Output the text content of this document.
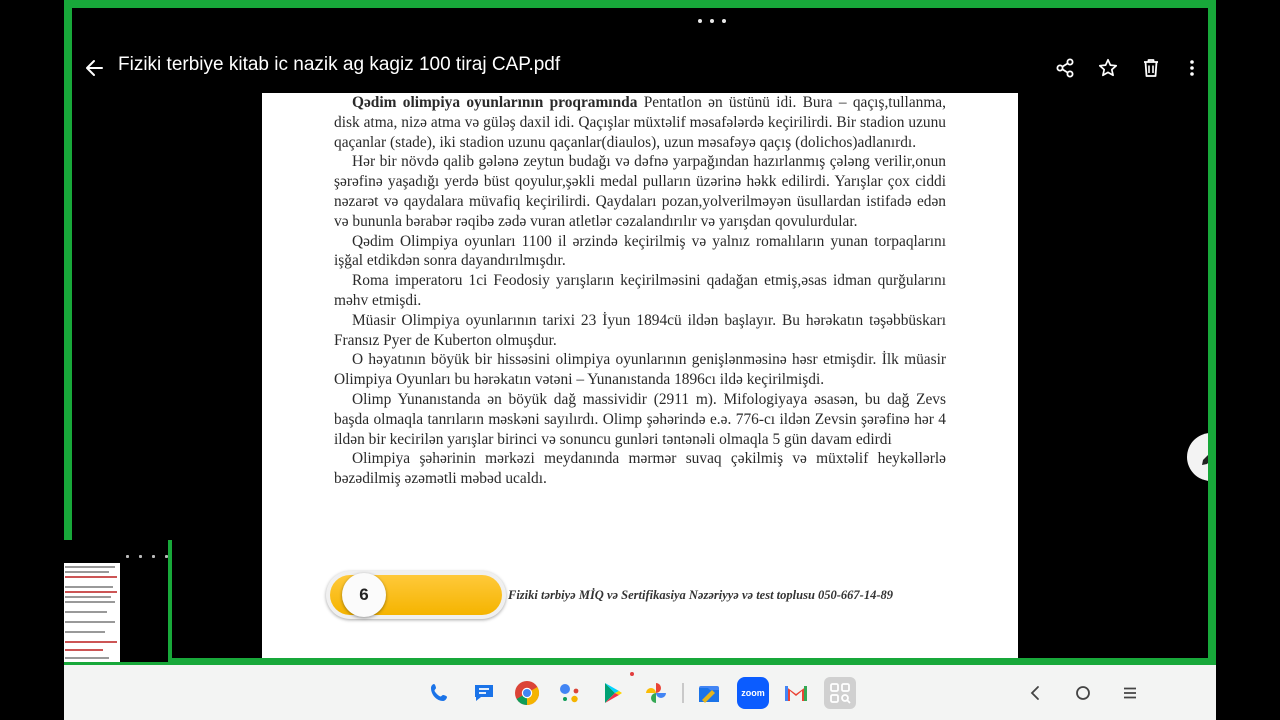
Fiziki terbiye kitab ic nazik ag kagiz 100 tiraj CAP.pdf

Qədim olimpiya oyunlarının proqramında Pentatlon ən üstünü idi. Bura – qaçış,tullanma, disk atma, nizə atma və güləş daxil idi. Qaçışlar müxtəlif məsafələrdə keçirilirdi. Bir stadion uzunu qaçanlar (stade), iki stadion uzunu qaçanlar(diaulos), uzun məsafəyə qaçış (dolichos)adlanırdı.

Hər bir növdə qalib gələnə zeytun budağı və dəfnə yarpağından hazırlanmış çələng verilir,onun şərəfinə yaşadığı yerdə büst qoyulur,şəkli medal pulların üzərinə həkk edilirdi. Yarışlar çox ciddi nəzarət və qaydalara müvafiq keçirilirdi. Qaydaları pozan,yolverilməyən üsullardan istifadə edən və bununla bərabər rəqibə zədə vuran atletlər cəzalandırılır və yarışdan qovulurdular.

Qədim Olimpiya oyunları 1100 il ərzində keçirilmiş və yalnız romalıların yunan torpaqlarını işğal etdikdən sonra dayandırılmışdır.

Roma imperatoru 1ci Feodosiy yarışların keçirilməsini qadağan etmiş,əsas idman qurğularını məhv etmişdi.

Müasir Olimpiya oyunlarının tarixi 23 İyun 1894cü ildən başlayır. Bu hərəkatın təşəbbüskarı Fransız Pyer de Kuberton olmuşdur.

O həyatının böyük bir hissəsini olimpiya oyunlarının genişlənməsinə həsr etmişdir. İlk müasir Olimpiya Oyunları bu hərəkatın vətəni – Yunanıstanda 1896cı ildə keçirilmişdi.

Olimp Yunanıstanda ən böyük dağ massividir (2911 m). Mifologiyaya əsasən, bu dağ Zevs başda olmaqla tanrıların məskəni sayılırdı. Olimp şəhərində e.ə. 776-cı ildən Zevsin şərəfinə hər 4 ildən bir kecirilən yarışlar birinci və sonuncu gunləri təntənəli olmaqla 5 gün davam edirdi

Olimpiya şəhərinin mərkəzi meydanında mərmər suvaq çəkilmiş və müxtəlif heykəllərlə bəzədilmiş əzəmətli məbəd ucaldı.

6	Fiziki tərbiyə MİQ və Sertifikasiya Nəzəriyyə və test toplusu 050-667-14-89
zoom
